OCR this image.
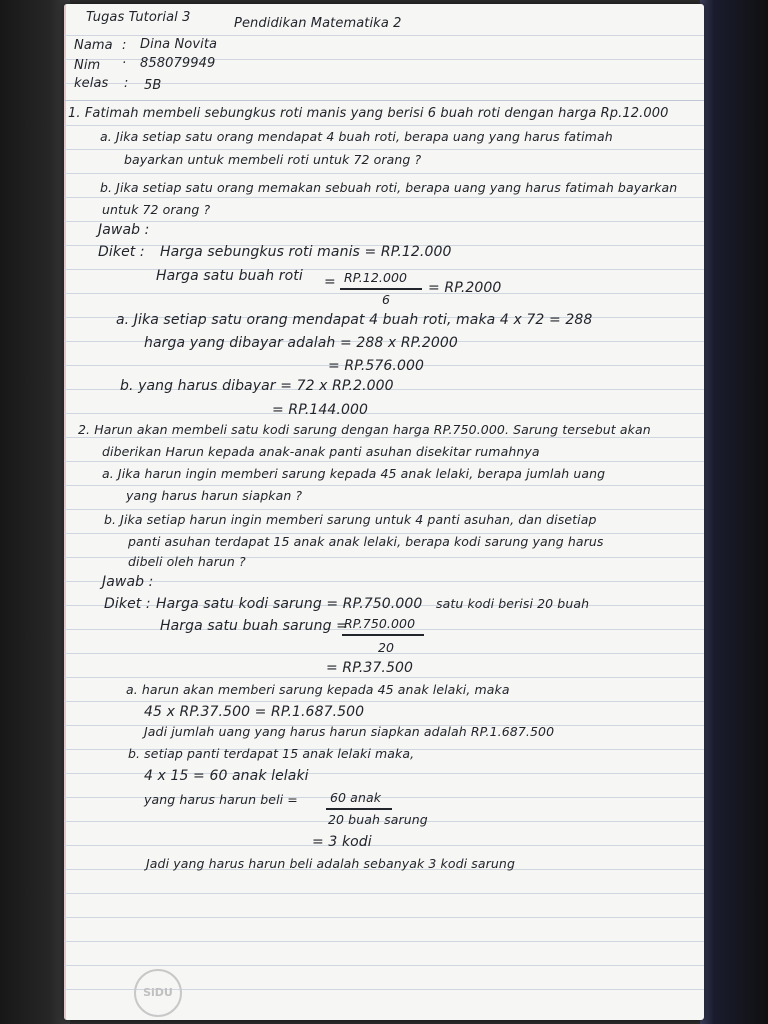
Tugas Tutorial 3	Pendidikan Matematika 2
Nama : Dina Novita
Nim · 858079949
kelas : 5B
1. Fatimah membeli sebungkus roti manis yang berisi 6 buah roti dengan harga Rp.12.000
a. Jika setiap satu orang mendapat 4 buah roti, berapa uang yang harus fatimah
bayarkan untuk membeli roti untuk 72 orang ?
b. Jika setiap satu orang memakan sebuah roti, berapa uang yang harus fatimah bayarkan
untuk 72 orang ?
Jawab :
Diket : Harga sebungkus roti manis = RP.12.000
Harga satu buah roti = RP.12.000
6
= RP.2000
a. Jika setiap satu orang mendapat 4 buah roti, maka 4 x 72 = 288
harga yang dibayar adalah = 288 x RP.2000
= RP.576.000
b. yang harus dibayar = 72 x RP.2.000
= RP.144.000
2. Harun akan membeli satu kodi sarung dengan harga RP.750.000. Sarung tersebut akan
diberikan Harun kepada anak-anak panti asuhan disekitar rumahnya
a. Jika harun ingin memberi sarung kepada 45 anak lelaki, berapa jumlah uang
yang harus harun siapkan ?
b. Jika setiap harun ingin memberi sarung untuk 4 panti asuhan, dan disetiap
panti asuhan terdapat 15 anak anak lelaki, berapa kodi sarung yang harus
dibeli oleh harun ?
Jawab :
Diket : Harga satu kodi sarung = RP.750.000 satu kodi berisi 20 buah
Harga satu buah sarung =
RP.750.000
20
= RP.37.500
a. harun akan memberi sarung kepada 45 anak lelaki, maka
45 x RP.37.500 = RP.1.687.500
Jadi jumlah uang yang harus harun siapkan adalah RP.1.687.500
b. setiap panti terdapat 15 anak lelaki maka,
4 x 15 = 60 anak lelaki
yang harus harun beli =	60 anak
20 buah sarung
= 3 kodi
Jadi yang harus harun beli adalah sebanyak 3 kodi sarung
SiDU
